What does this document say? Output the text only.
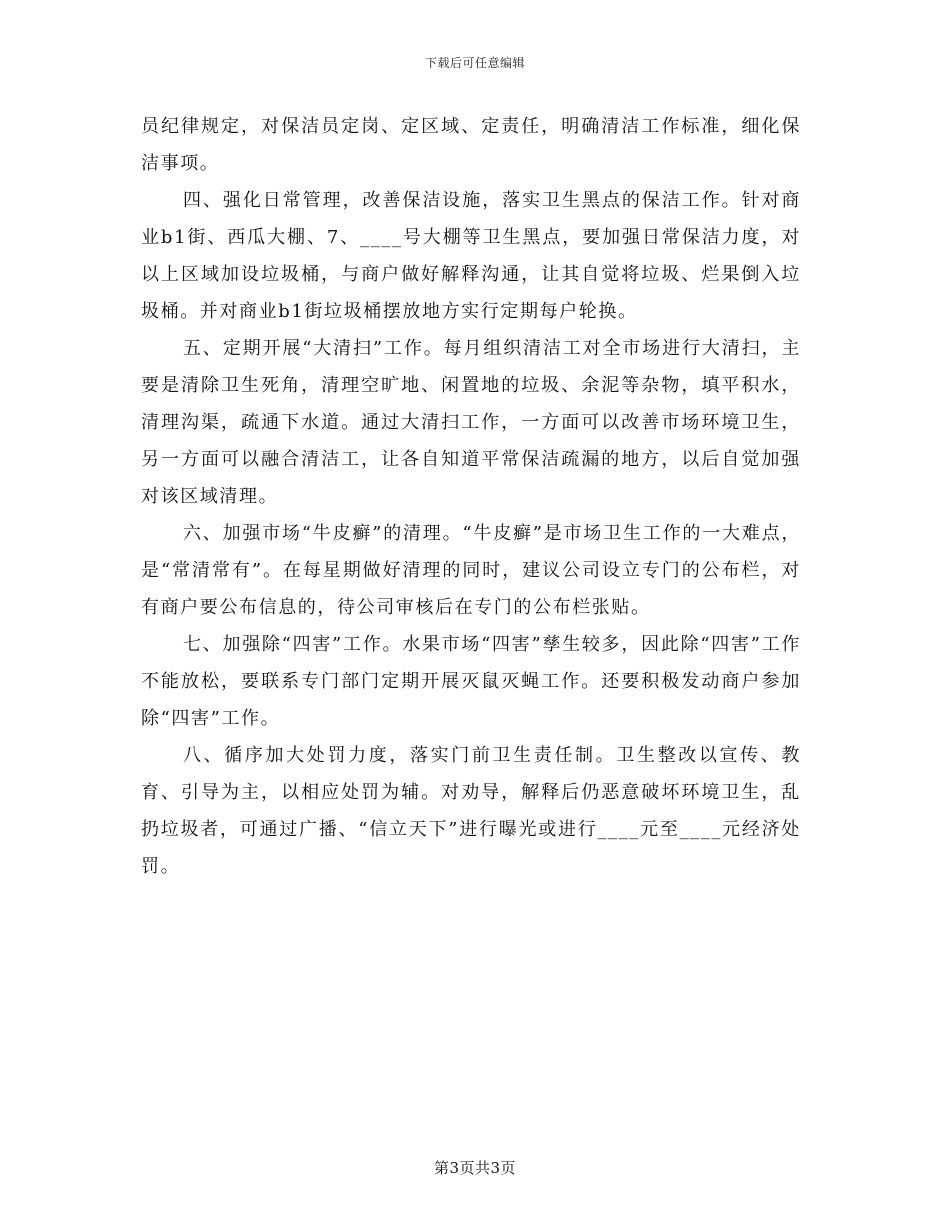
下载后可任意编辑

员纪律规定，对保洁员定岗、定区域、定责任，明确清洁工作标准，细化保洁事项。

四、强化日常管理，改善保洁设施，落实卫生黑点的保洁工作。针对商业b1街、西瓜大棚、7、____号大棚等卫生黑点，要加强日常保洁力度，对以上区域加设垃圾桶，与商户做好解释沟通，让其自觉将垃圾、烂果倒入垃圾桶。并对商业b1街垃圾桶摆放地方实行定期每户轮换。

五、定期开展“大清扫”工作。每月组织清洁工对全市场进行大清扫，主要是清除卫生死角，清理空旷地、闲置地的垃圾、余泥等杂物，填平积水，清理沟渠，疏通下水道。通过大清扫工作，一方面可以改善市场环境卫生，另一方面可以融合清洁工，让各自知道平常保洁疏漏的地方，以后自觉加强对该区域清理。

六、加强市场“牛皮癣”的清理。“牛皮癣”是市场卫生工作的一大难点，是“常清常有”。在每星期做好清理的同时，建议公司设立专门的公布栏，对有商户要公布信息的，待公司审核后在专门的公布栏张贴。

七、加强除“四害”工作。水果市场“四害”孳生较多，因此除“四害”工作不能放松，要联系专门部门定期开展灭鼠灭蝇工作。还要积极发动商户参加除“四害”工作。

八、循序加大处罚力度，落实门前卫生责任制。卫生整改以宣传、教育、引导为主，以相应处罚为辅。对劝导，解释后仍恶意破坏环境卫生，乱扔垃圾者，可通过广播、“信立天下”进行曝光或进行____元至____元经济处罚。

第3页共3页
